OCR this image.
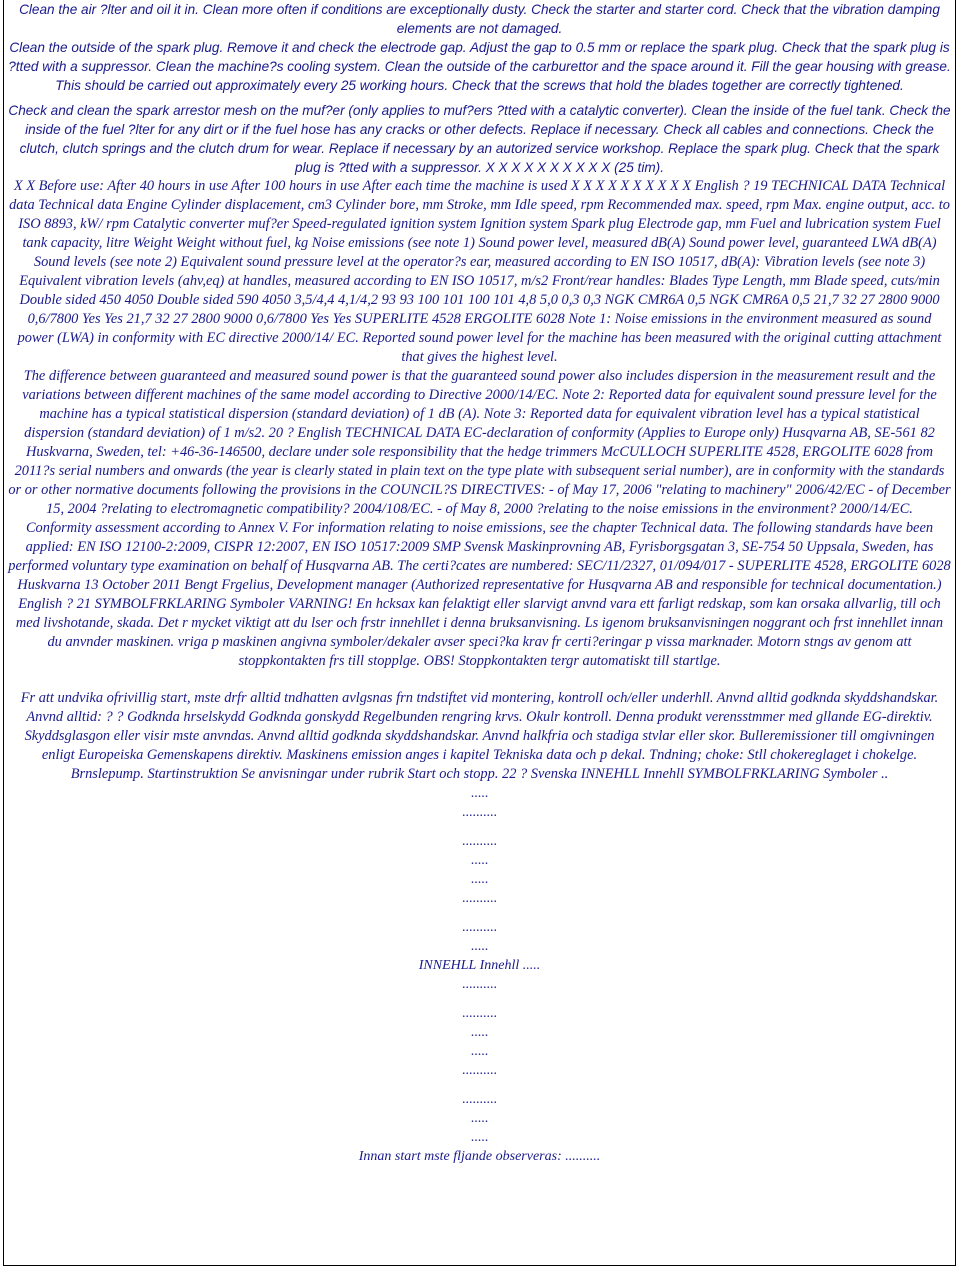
Clean the air ?lter and oil it in. Clean more often if conditions are exceptionally dusty. Check the starter and starter cord. Check that the vibration damping elements are not damaged.

Clean the outside of the spark plug. Remove it and check the electrode gap. Adjust the gap to 0.5 mm or replace the spark plug. Check that the spark plug is ?tted with a suppressor. Clean the machine?s cooling system. Clean the outside of the carburettor and the space around it. Fill the gear housing with grease. This should be carried out approximately every 25 working hours. Check that the screws that hold the blades together are correctly tightened.

Check and clean the spark arrestor mesh on the muf?er (only applies to muf?ers ?tted with a catalytic converter). Clean the inside of the fuel tank. Check the inside of the fuel ?lter for any dirt or if the fuel hose has any cracks or other defects. Replace if necessary. Check all cables and connections. Check the clutch, clutch springs and the clutch drum for wear. Replace if necessary by an autorized service workshop. Replace the spark plug. Check that the spark plug is ?tted with a suppressor. X X X X X X X X X X (25 tim).

X X Before use: After 40 hours in use After 100 hours in use After each time the machine is used X X X X X X X X X X English ? 19 TECHNICAL DATA Technical data Technical data Engine Cylinder displacement, cm3 Cylinder bore, mm Stroke, mm Idle speed, rpm Recommended max. speed, rpm Max. engine output, acc. to ISO 8893, kW/ rpm Catalytic converter muf?er Speed-regulated ignition system Ignition system Spark plug Electrode gap, mm Fuel and lubrication system Fuel tank capacity, litre Weight Weight without fuel, kg Noise emissions (see note 1) Sound power level, measured dB(A) Sound power level, guaranteed LWA dB(A) Sound levels (see note 2) Equivalent sound pressure level at the operator?s ear, measured according to EN ISO 10517, dB(A): Vibration levels (see note 3) Equivalent vibration levels (ahv,eq) at handles, measured according to EN ISO 10517, m/s2 Front/rear handles: Blades Type Length, mm Blade speed, cuts/min Double sided 450 4050 Double sided 590 4050 3,5/4,4 4,1/4,2 93 93 100 101 100 101 4,8 5,0 0,3 0,3 NGK CMR6A 0,5 NGK CMR6A 0,5 21,7 32 27 2800 9000 0,6/7800 Yes Yes 21,7 32 27 2800 9000 0,6/7800 Yes Yes SUPERLITE 4528 ERGOLITE 6028 Note 1: Noise emissions in the environment measured as sound power (LWA) in conformity with EC directive 2000/14/ EC. Reported sound power level for the machine has been measured with the original cutting attachment that gives the highest level.

The difference between guaranteed and measured sound power is that the guaranteed sound power also includes dispersion in the measurement result and the variations between different machines of the same model according to Directive 2000/14/EC. Note 2: Reported data for equivalent sound pressure level for the machine has a typical statistical dispersion (standard deviation) of 1 dB (A). Note 3: Reported data for equivalent vibration level has a typical statistical dispersion (standard deviation) of 1 m/s2. 20 ? English TECHNICAL DATA EC-declaration of conformity (Applies to Europe only) Husqvarna AB, SE-561 82 Huskvarna, Sweden, tel: +46-36-146500, declare under sole responsibility that the hedge trimmers McCULLOCH SUPERLITE 4528, ERGOLITE 6028 from 2011?s serial numbers and onwards (the year is clearly stated in plain text on the type plate with subsequent serial number), are in conformity with the standards or or other normative documents following the provisions in the COUNCIL?S DIRECTIVES: - of May 17, 2006 "relating to machinery" 2006/42/EC - of December 15, 2004 ?relating to electromagnetic compatibility? 2004/108/EC. - of May 8, 2000 ?relating to the noise emissions in the environment? 2000/14/EC.

Conformity assessment according to Annex V. For information relating to noise emissions, see the chapter Technical data. The following standards have been applied: EN ISO 12100-2:2009, CISPR 12:2007, EN ISO 10517:2009 SMP Svensk Maskinprovning AB, Fyrisborgsgatan 3, SE-754 50 Uppsala, Sweden, has performed voluntary type examination on behalf of Husqvarna AB. The certi?cates are numbered: SEC/11/2327, 01/094/017 - SUPERLITE 4528, ERGOLITE 6028 Huskvarna 13 October 2011 Bengt Frgelius, Development manager (Authorized representative for Husqvarna AB and responsible for technical documentation.) English ? 21 SYMBOLFRKLARING Symboler VARNING! En hcksax kan felaktigt eller slarvigt anvnd vara ett farligt redskap, som kan orsaka allvarlig, till och med livshotande, skada. Det r mycket viktigt att du lser och frstr innehllet i denna bruksanvisning. Ls igenom bruksanvisningen noggrant och frst innehllet innan du anvnder maskinen. vriga p maskinen angivna symboler/dekaler avser speci?ka krav fr certi?eringar p vissa marknader. Motorn stngs av genom att stoppkontakten frs till stopplge. OBS! Stoppkontakten tergr automatiskt till startlge.

Fr att undvika ofrivillig start, mste drfr alltid tndhatten avlgsnas frn tndstiftet vid montering, kontroll och/eller underhll. Anvnd alltid godknda skyddshandskar. Anvnd alltid: ? ? Godknda hrselskydd Godknda gonskydd Regelbunden rengring krvs. Okulr kontroll. Denna produkt verensstmmer med gllande EG-direktiv. Skyddsglasgon eller visir mste anvndas. Anvnd alltid godknda skyddshandskar. Anvnd halkfria och stadiga stvlar eller skor. Bulleremissioner till omgivningen enligt Europeiska Gemenskapens direktiv. Maskinens emission anges i kapitel Tekniska data och p dekal. Tndning; choke: Stll chokereglaget i chokelge. Brnslepump. Startinstruktion Se anvisningar under rubrik Start och stopp. 22 ? Svenska INNEHLL Innehll SYMBOLFRKLARING Symboler ..

.....

..........

..........

.....

.....

..........

..........

.....

INNEHLL Innehll .....

..........

..........

.....

.....

..........

..........

.....

.....

Innan start mste fljande observeras: ..........
